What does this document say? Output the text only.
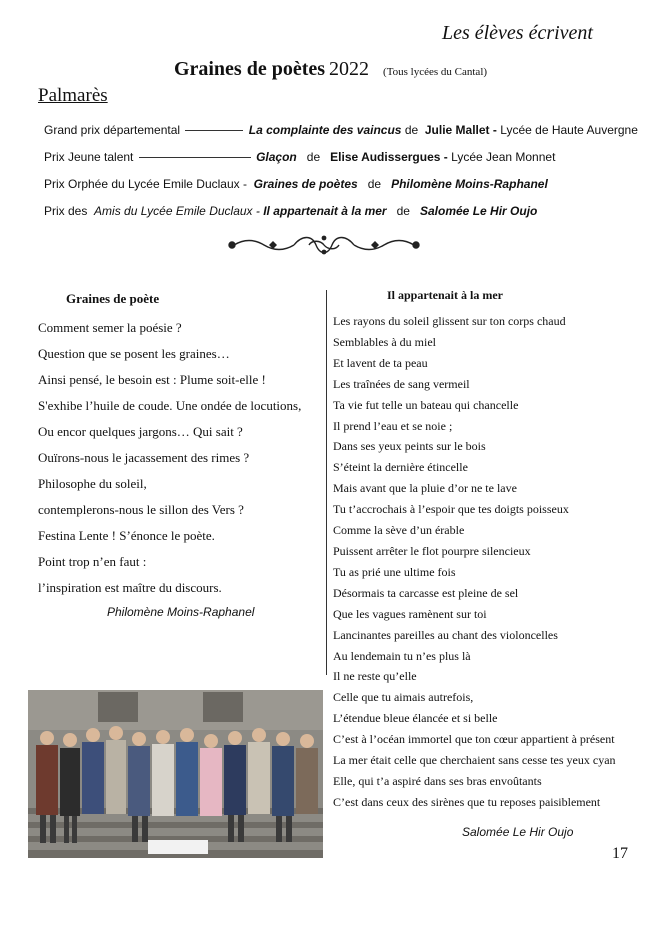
Les élèves écrivent
Graines de poètes 2022 (Tous lycées du Cantal)
Palmarès
Grand prix départemental	La complainte des vaincus de Julie Mallet - Lycée de Haute Auvergne
Prix Jeune talent	Glaçon de Elise Audissergues - Lycée Jean Monnet
Prix Orphée du Lycée Emile Duclaux - Graines de poètes de Philomène Moins-Raphanel
Prix des Amis du Lycée Emile Duclaux - Il appartenait à la mer de Salomée Le Hir Oujo
Graines de poète
Comment semer la poésie ?
Question que se posent les graines…
Ainsi pensé, le besoin est : Plume soit-elle !
S'exhibe l’huile de coude. Une ondée de locutions,
Ou encor quelques jargons… Qui sait ?
Ouïrons-nous le jacassement des rimes ?
Philosophe du soleil,
contemplerons-nous le sillon des Vers ?
Festina Lente ! S’énonce le poète.
Point trop n’en faut :
l’inspiration est maître du discours.
Philomène Moins-Raphanel
Il appartenait à la mer
Les rayons du soleil glissent sur ton corps chaud
Semblables à du miel
Et lavent de ta peau
Les traînées de sang vermeil
Ta vie fut telle un bateau qui chancelle
Il prend l’eau et se noie ;
Dans ses yeux peints sur le bois
S’éteint la dernière étincelle
Mais avant que la pluie d’or ne te lave
Tu t’accrochais à l’espoir que tes doigts poisseux
Comme la sève d’un érable
Puissent arrêter le flot pourpre silencieux
Tu as prié une ultime fois
Désormais ta carcasse est pleine de sel
Que les vagues ramènent sur toi
Lancinantes pareilles au chant des violoncelles
Au lendemain tu n’es plus là
Il ne reste qu’elle
Celle que tu aimais autrefois,
L’étendue bleue élancée et si belle
C’est à l’océan immortel que ton cœur appartient à présent
La mer était celle que cherchaient sans cesse tes yeux cyan
Elle, qui t’a aspiré dans ses bras envoûtants
C’est dans ceux des sirènes que tu reposes paisiblement
Salomée Le Hir Oujo
17
